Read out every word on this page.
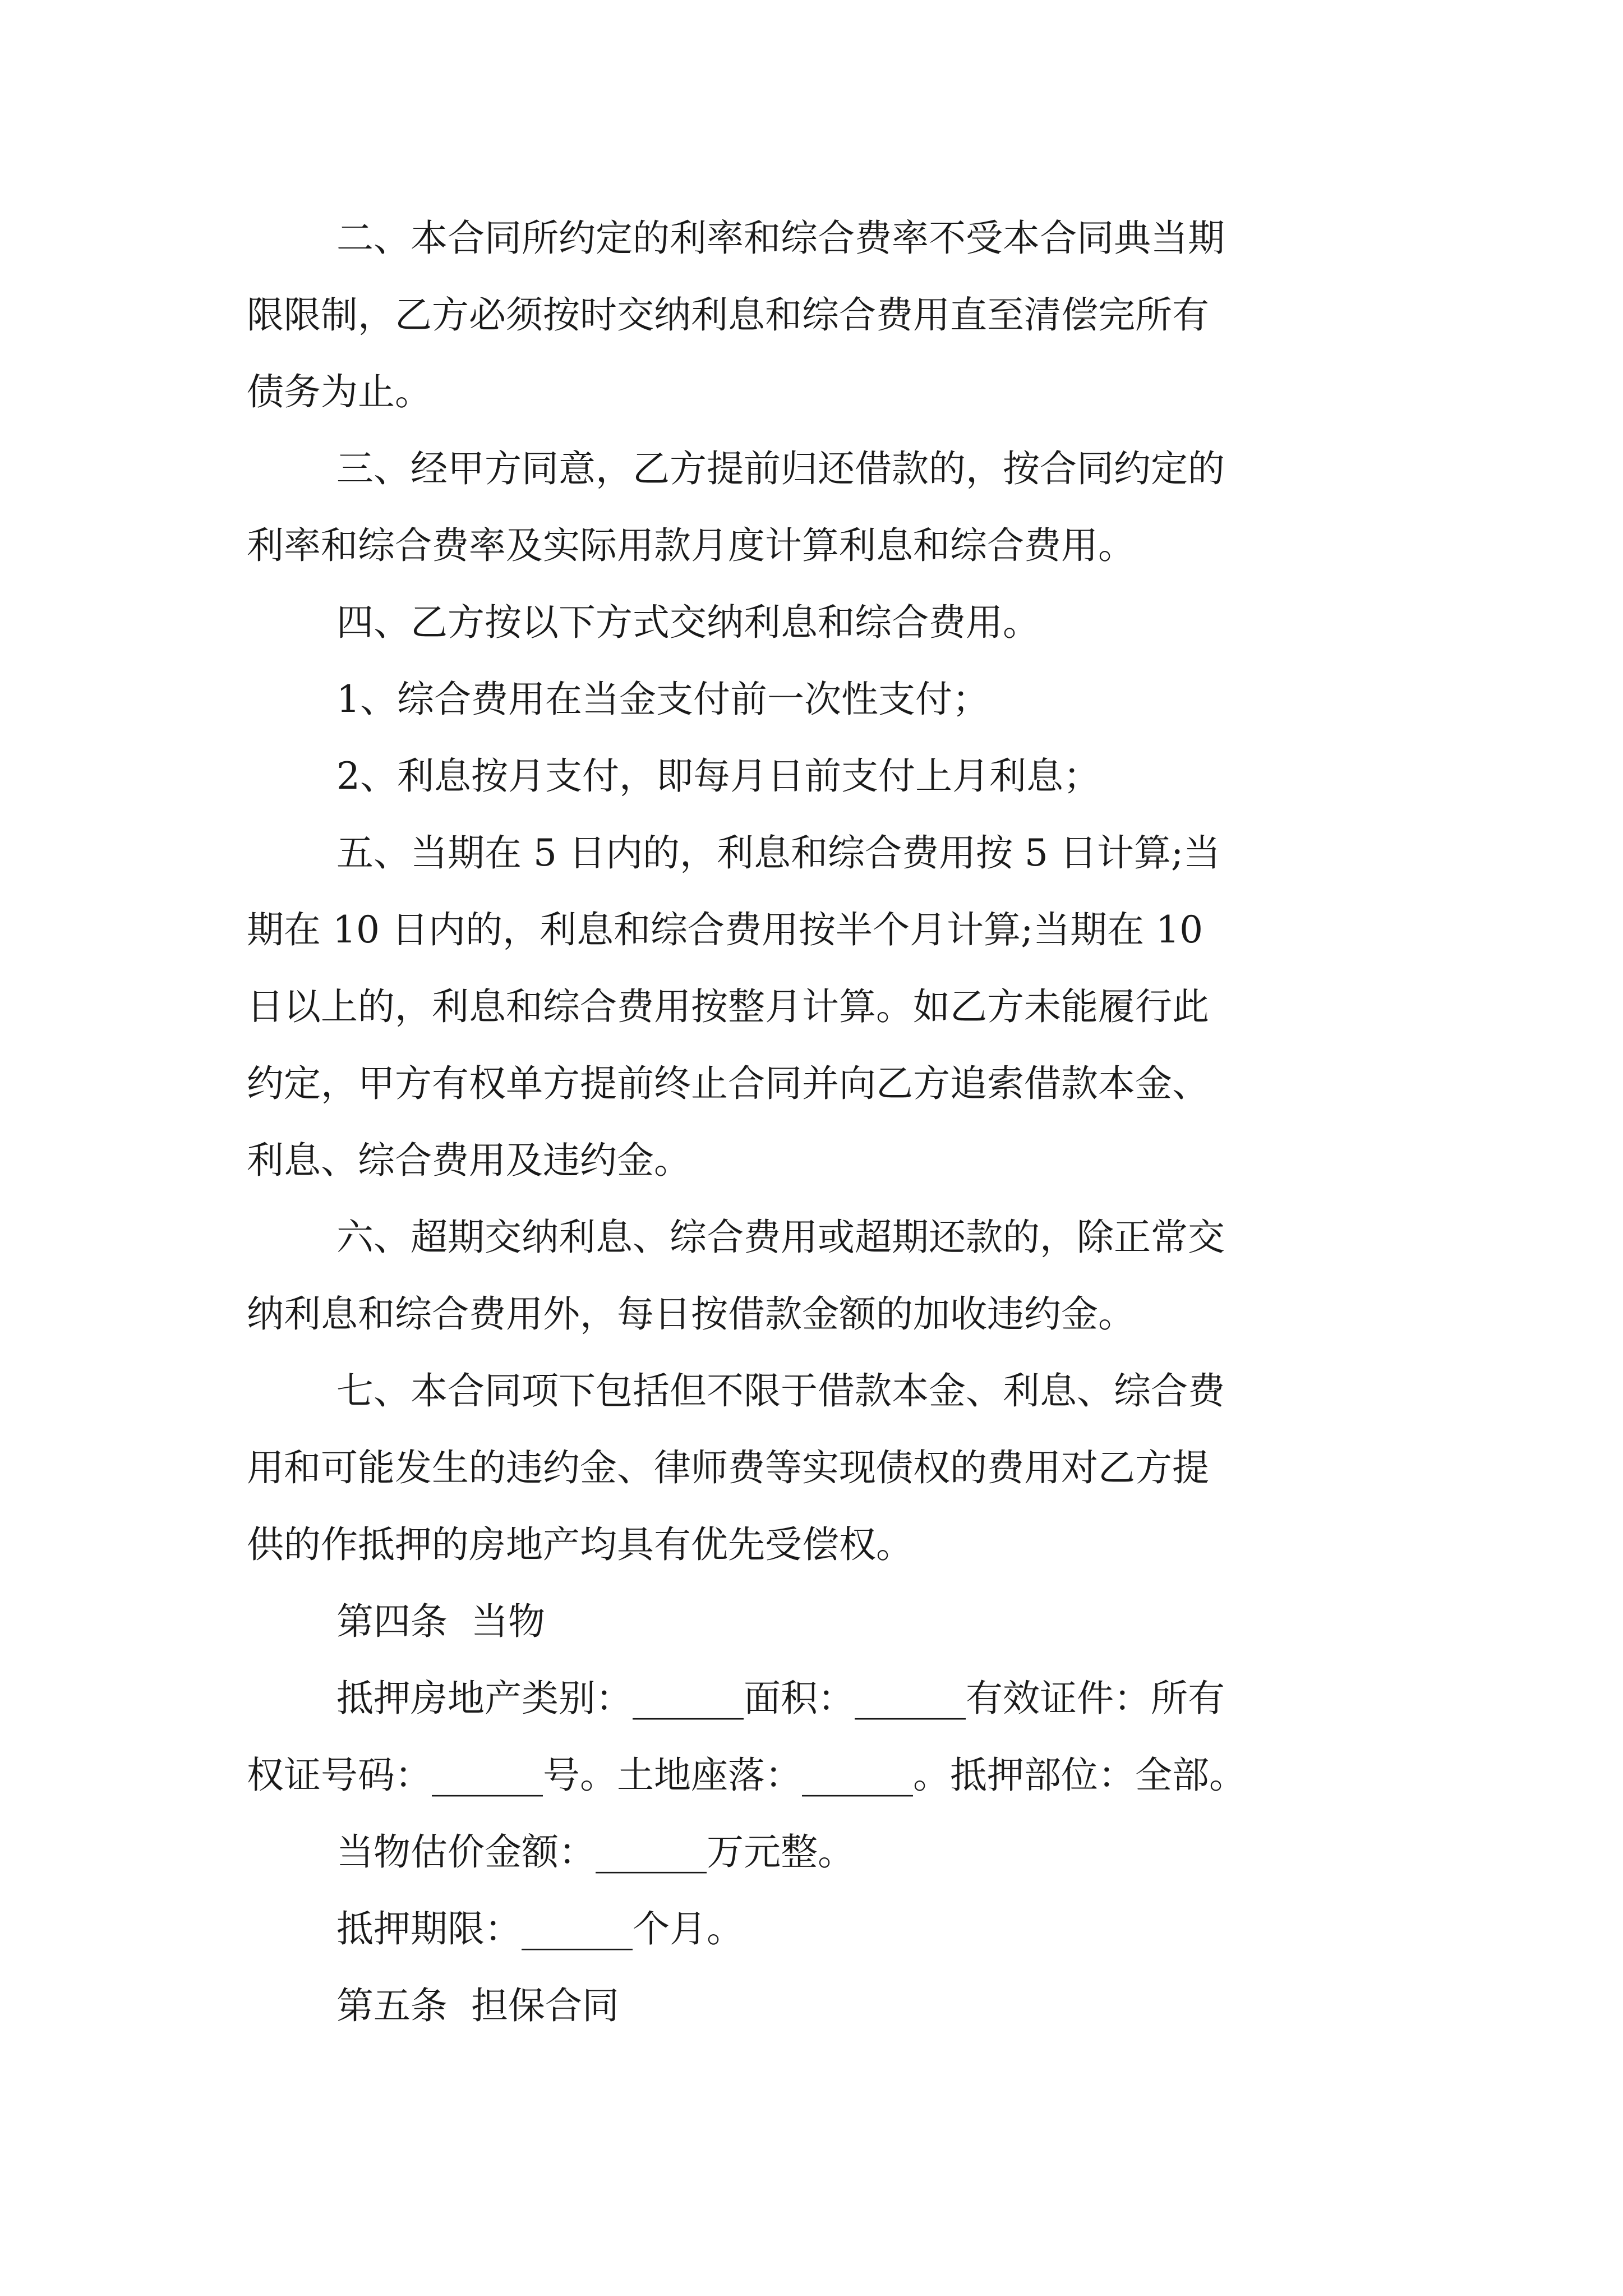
二、本合同所约定的利率和综合费率不受本合同典当期
限限制，乙方必须按时交纳利息和综合费用直至清偿完所有
债务为止。
三、经甲方同意，乙方提前归还借款的，按合同约定的
利率和综合费率及实际用款月度计算利息和综合费用。
四、乙方按以下方式交纳利息和综合费用。
1、综合费用在当金支付前一次性支付；
2、利息按月支付，即每月日前支付上月利息；
五、当期在 5 日内的，利息和综合费用按 5 日计算;当
期在 10 日内的，利息和综合费用按半个月计算;当期在 10
日以上的，利息和综合费用按整月计算。如乙方未能履行此
约定，甲方有权单方提前终止合同并向乙方追索借款本金、
利息、综合费用及违约金。
六、超期交纳利息、综合费用或超期还款的，除正常交
纳利息和综合费用外，每日按借款金额的加收违约金。
七、本合同项下包括但不限于借款本金、利息、综合费
用和可能发生的违约金、律师费等实现债权的费用对乙方提
供的作抵押的房地产均具有优先受偿权。
第四条  当物
抵押房地产类别：______面积：______有效证件：所有
权证号码：______号。土地座落：______。抵押部位：全部。
当物估价金额：______万元整。
抵押期限：______个月。
第五条  担保合同
